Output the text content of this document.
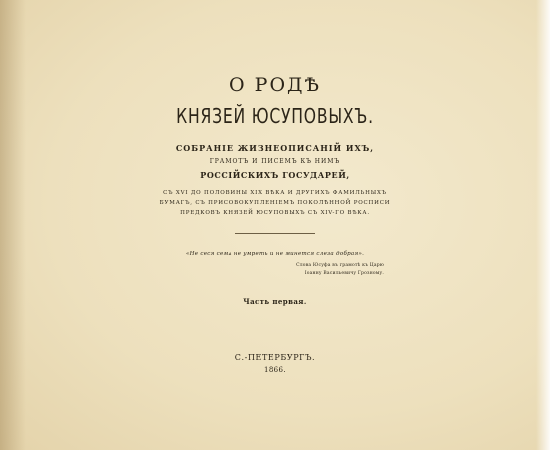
О РОДѢ
КНЯЗЕЙ ЮСУПОВЫХЪ.
СОБРАНІЕ ЖИЗНЕОПИСАНІЙ ИХЪ,
ГРАМОТЪ И ПИСЕМЪ КЪ НИМЪ
РОССІЙСКИХЪ ГОСУДАРЕЙ,
СЪ XVI ДО ПОЛОВИНЫ XIX ВѢКА И ДРУГИХЪ ФАМИЛЬНЫХЪ
БУМАГЪ, СЪ ПРИСОВОКУПЛЕНІЕМЪ ПОКОЛѢННОЙ РОСПИСИ
ПРЕДКОВЪ КНЯЗЕЙ ЮСУПОВЫХЪ СЪ XIV-ГО ВѢКА.
«Не сеся семѧ не умреть и не минется слеза добрая».
Слова Юсуфа въ грамотѣ къ Царю
Іоанну Васильевичу Грозному.
Часть первая.
С.-ПЕТЕРБУРГЪ.
1866.
